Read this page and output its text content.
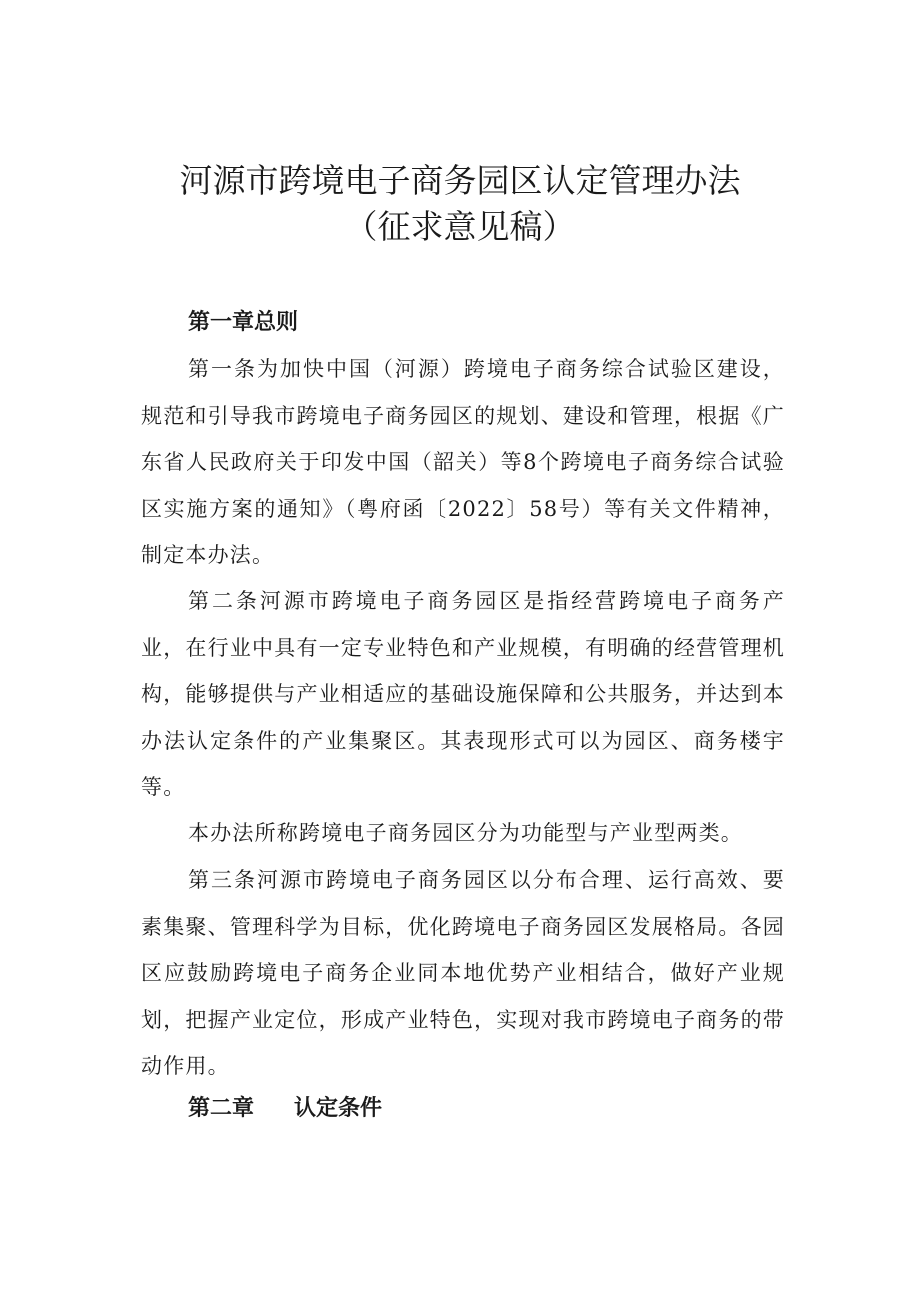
河源市跨境电子商务园区认定管理办法
（征求意见稿）
第一章总则

第一条为加快中国（河源）跨境电子商务综合试验区建设，规范和引导我市跨境电子商务园区的规划、建设和管理，根据《广东省人民政府关于印发中国（韶关）等8个跨境电子商务综合试验区实施方案的通知》（粤府函〔2022〕58号）等有关文件精神，制定本办法。

第二条河源市跨境电子商务园区是指经营跨境电子商务产业，在行业中具有一定专业特色和产业规模，有明确的经营管理机构，能够提供与产业相适应的基础设施保障和公共服务，并达到本办法认定条件的产业集聚区。其表现形式可以为园区、商务楼宇等。

本办法所称跨境电子商务园区分为功能型与产业型两类。

第三条河源市跨境电子商务园区以分布合理、运行高效、要素集聚、管理科学为目标，优化跨境电子商务园区发展格局。各园区应鼓励跨境电子商务企业同本地优势产业相结合，做好产业规划，把握产业定位，形成产业特色，实现对我市跨境电子商务的带动作用。

第二章 认定条件
